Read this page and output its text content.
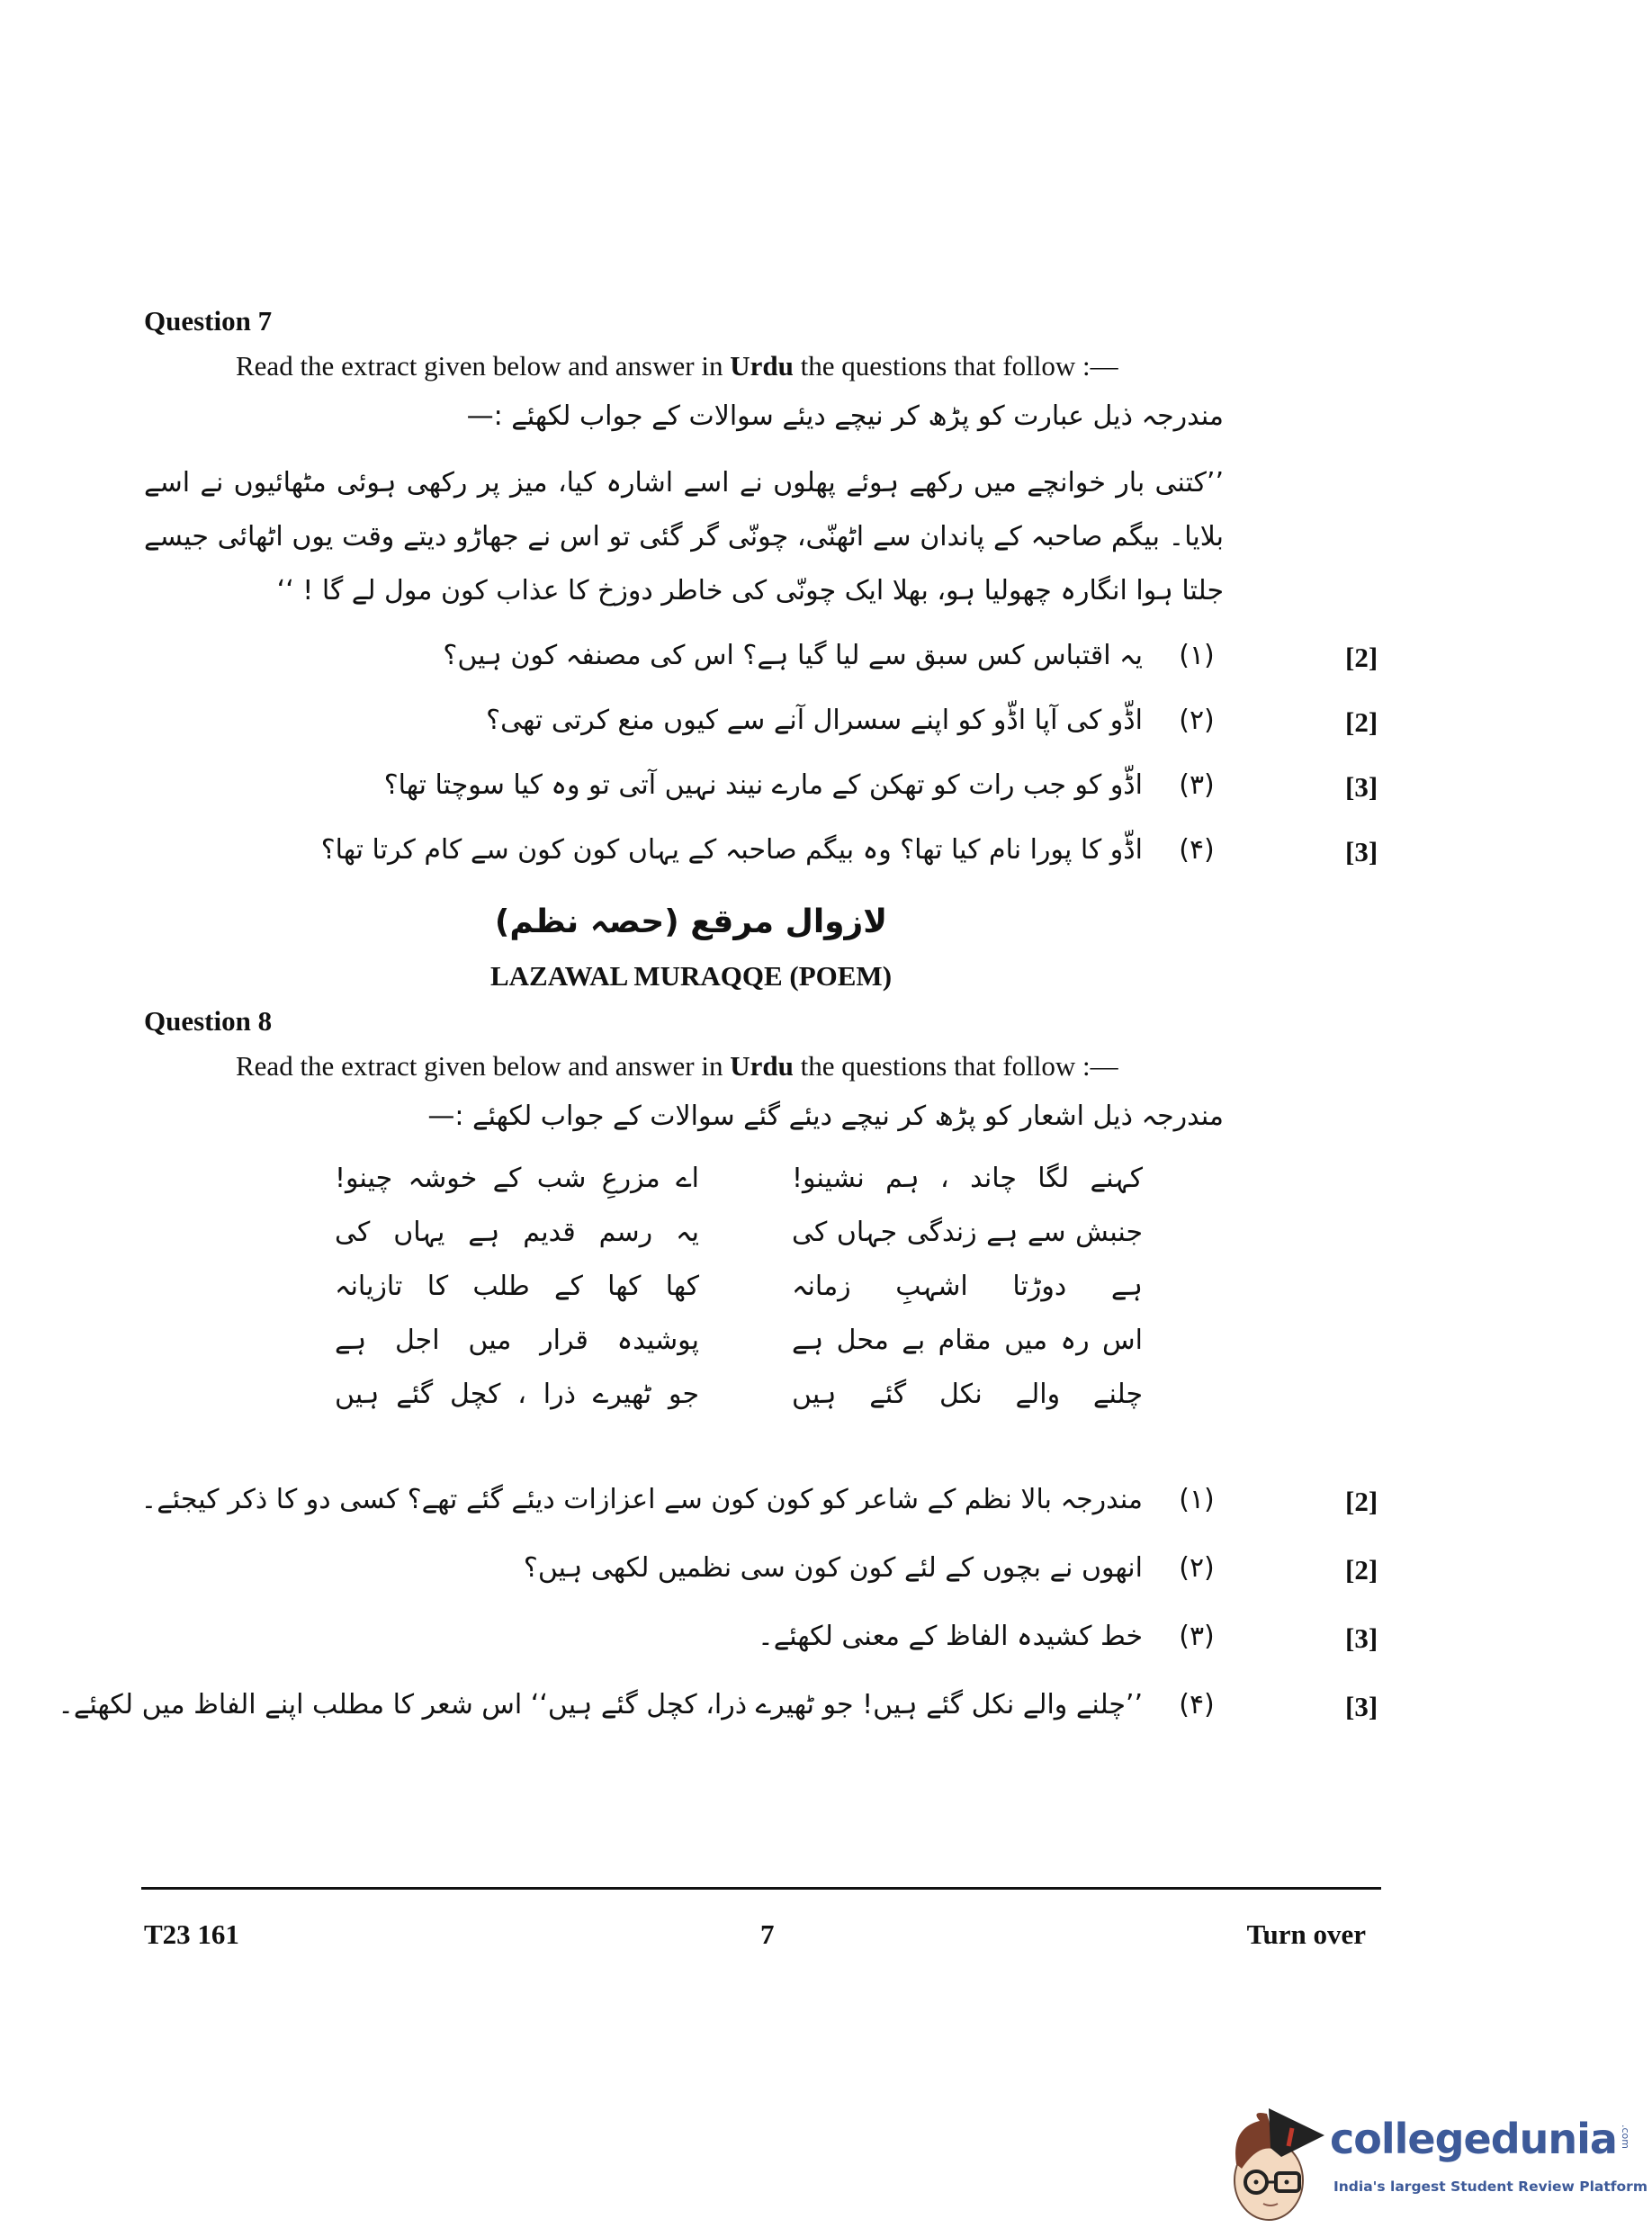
Question 7
Read the extract given below and answer in Urdu the questions that follow :—
مندرجہ ذیل عبارت کو پڑھ کر نیچے دیئے سوالات کے جواب لکھئے :—
’’کتنی بار خوانچے میں رکھے ہوئے پھلوں نے اسے اشارہ کیا، میز پر رکھی ہوئی مٹھائیوں نے اسے بلایا۔ بیگم صاحبہ کے پاندان سے اٹھنّی، چونّی گر گئی تو اس نے جھاڑو دیتے وقت یوں اٹھائی جیسے جلتا ہوا انگارہ چھولیا ہو، بھلا ایک چونّی کی خاطر دوزخ کا عذاب کون مول لے گا ! ‘‘
یہ اقتباس کس سبق سے لیا گیا ہے؟ اس کی مصنفہ کون ہیں؟	(۱)	[2]
اڈّو کی آپا اڈّو کو اپنے سسرال آنے سے کیوں منع کرتی تھی؟	(۲)	[2]
اڈّو کو جب رات کو تھکن کے مارے نیند نہیں آتی تو وہ کیا سوچتا تھا؟	(۳)	[3]
اڈّو کا پورا نام کیا تھا؟ وہ بیگم صاحبہ کے یہاں کون کون سے کام کرتا تھا؟	(۴)	[3]
لازوال مرقع (حصہ نظم)
LAZAWAL MURAQQE (POEM)
Question 8
Read the extract given below and answer in Urdu the questions that follow :—
مندرجہ ذیل اشعار کو پڑھ کر نیچے دیئے گئے سوالات کے جواب لکھئے :—
کہنے لگا چاند ، ہم نشینو!
اے مزرعِ شب کے خوشہ چینو!
جنبش سے ہے زندگی جہاں کی
یہ رسم قدیم ہے یہاں کی
ہے دوڑتا اشہبِ زمانہ
کھا کھا کے طلب کا تازیانہ
اس رہ میں مقام بے محل ہے
پوشیدہ قرار میں اجل ہے
چلنے والے نکل گئے ہیں
جو ٹھیرے ذرا ، کچل گئے ہیں
مندرجہ بالا نظم کے شاعر کو کون کون سے اعزازات دیئے گئے تھے؟ کسی دو کا ذکر کیجئے۔	(۱)	[2]
انھوں نے بچوں کے لئے کون کون سی نظمیں لکھی ہیں؟	(۲)	[2]
خط کشیدہ الفاظ کے معنی لکھئے۔	(۳)	[3]
’’چلنے والے نکل گئے ہیں! جو ٹھیرے ذرا، کچل گئے ہیں‘‘ اس شعر کا مطلب اپنے الفاظ میں لکھئے۔	(۴)	[3]
T23 161	7	Turn over
collegedunia .com
India's largest Student Review Platform
